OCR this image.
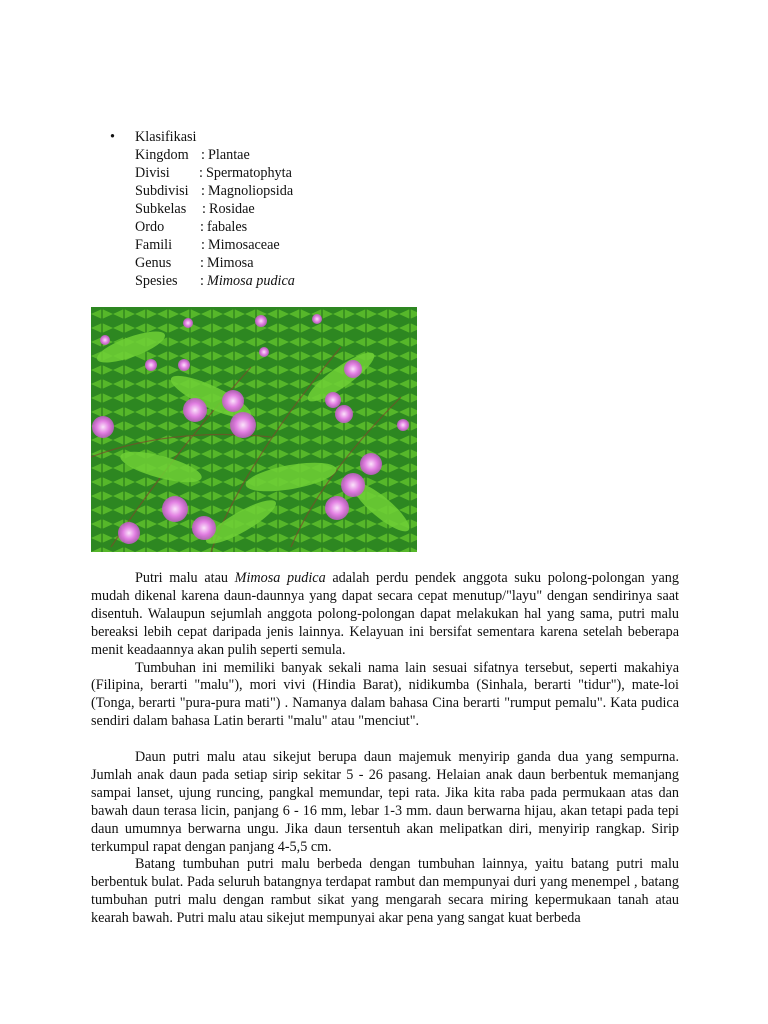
• Klasifikasi
Kingdom : Plantae
Divisi : Spermatophyta
Subdivisi : Magnoliopsida
Subkelas : Rosidae
Ordo	: fabales
Famili : Mimosaceae
Genus : Mimosa
Spesies : Mimosa pudica

Putri malu atau Mimosa pudica adalah perdu pendek anggota suku polong-polongan yang mudah dikenal karena daun-daunnya yang dapat secara cepat menutup/"layu" dengan sendirinya saat disentuh. Walaupun sejumlah anggota polong-polongan dapat melakukan hal yang sama, putri malu bereaksi lebih cepat daripada jenis lainnya. Kelayuan ini bersifat sementara karena setelah beberapa menit keadaannya akan pulih seperti semula.

Tumbuhan ini memiliki banyak sekali nama lain sesuai sifatnya tersebut, seperti makahiya (Filipina, berarti "malu"), mori vivi (Hindia Barat), nidikumba (Sinhala, berarti "tidur"), mate-loi (Tonga, berarti "pura-pura mati") . Namanya dalam bahasa Cina berarti "rumput pemalu". Kata pudica sendiri dalam bahasa Latin berarti "malu" atau "menciut".

Daun putri malu atau sikejut berupa daun majemuk menyirip ganda dua yang sempurna. Jumlah anak daun pada setiap sirip sekitar 5 - 26 pasang. Helaian anak daun berbentuk memanjang sampai lanset, ujung runcing, pangkal memundar, tepi rata. Jika kita raba pada permukaan atas dan bawah daun terasa licin, panjang 6 - 16 mm, lebar 1-3 mm. daun berwarna hijau, akan tetapi pada tepi daun umumnya berwarna ungu. Jika daun tersentuh akan melipatkan diri, menyirip rangkap. Sirip terkumpul rapat dengan panjang 4-5,5 cm.

Batang tumbuhan putri malu berbeda dengan tumbuhan lainnya, yaitu batang putri malu berbentuk bulat. Pada seluruh batangnya terdapat rambut dan mempunyai duri yang menempel , batang tumbuhan putri malu dengan rambut sikat yang mengarah secara miring kepermukaan tanah atau kearah bawah. Putri malu atau sikejut mempunyai akar pena yang sangat kuat berbeda
